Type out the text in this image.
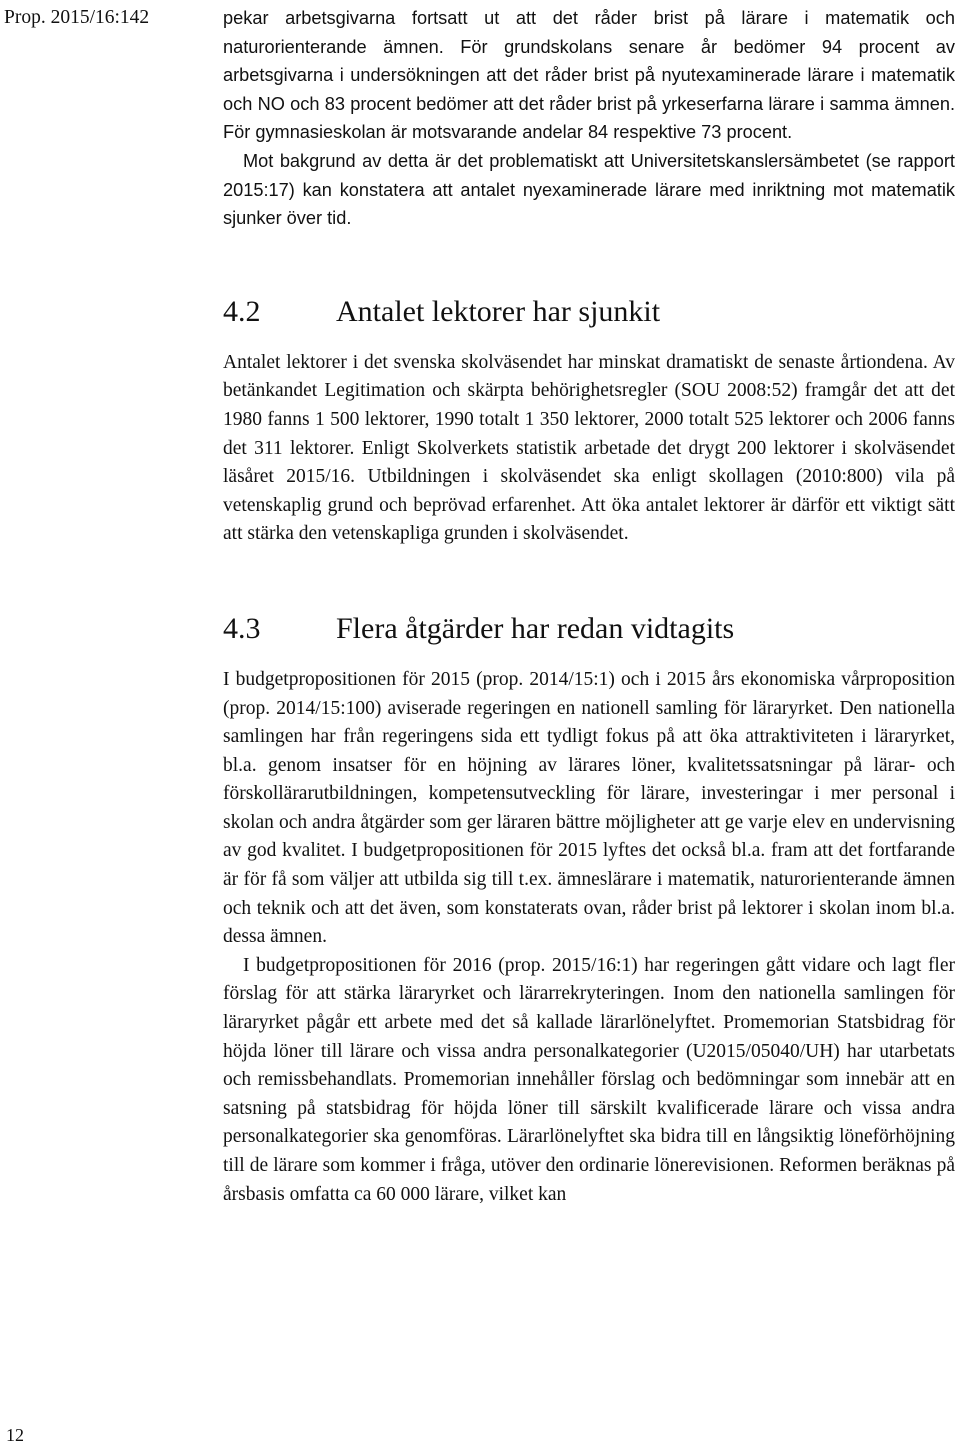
Prop. 2015/16:142	pekar arbetsgivarna fortsatt ut att det råder brist på lärare i matematik och naturorienterande ämnen. För grundskolans senare år bedömer 94 procent av arbetsgivarna i undersökningen att det råder brist på nyutexaminerade lärare i matematik och NO och 83 procent bedömer att det råder brist på yrkeserfarna lärare i samma ämnen. För gymnasieskolan är motsvarande andelar 84 respektive 73 procent.

Mot bakgrund av detta är det problematiskt att Universitetskanslersämbetet (se rapport 2015:17) kan konstatera att antalet nyexaminerade lärare med inriktning mot matematik sjunker över tid.

4.2	Antalet lektorer har sjunkit

Antalet lektorer i det svenska skolväsendet har minskat dramatiskt de senaste årtiondena. Av betänkandet Legitimation och skärpta behörighetsregler (SOU 2008:52) framgår det att det 1980 fanns 1 500 lektorer, 1990 totalt 1 350 lektorer, 2000 totalt 525 lektorer och 2006 fanns det 311 lektorer. Enligt Skolverkets statistik arbetade det drygt 200 lektorer i skolväsendet läsåret 2015/16. Utbildningen i skolväsendet ska enligt skollagen (2010:800) vila på vetenskaplig grund och beprövad erfarenhet. Att öka antalet lektorer är därför ett viktigt sätt att stärka den vetenskapliga grunden i skolväsendet.

4.3	Flera åtgärder har redan vidtagits

I budgetpropositionen för 2015 (prop. 2014/15:1) och i 2015 års ekonomiska vårproposition (prop. 2014/15:100) aviserade regeringen en nationell samling för läraryrket. Den nationella samlingen har från regeringens sida ett tydligt fokus på att öka attraktiviteten i läraryrket, bl.a. genom insatser för en höjning av lärares löner, kvalitetssatsningar på lärar- och förskollärarutbildningen, kompetensutveckling för lärare, investeringar i mer personal i skolan och andra åtgärder som ger läraren bättre möjligheter att ge varje elev en undervisning av god kvalitet. I budgetpropositionen för 2015 lyftes det också bl.a. fram att det fortfarande är för få som väljer att utbilda sig till t.ex. ämneslärare i matematik, naturorienterande ämnen och teknik och att det även, som konstaterats ovan, råder brist på lektorer i skolan inom bl.a. dessa ämnen.

I budgetpropositionen för 2016 (prop. 2015/16:1) har regeringen gått vidare och lagt fler förslag för att stärka läraryrket och lärarrekryteringen. Inom den nationella samlingen för läraryrket pågår ett arbete med det så kallade lärarlönelyftet. Promemorian Statsbidrag för höjda löner till lärare och vissa andra personalkategorier (U2015/05040/UH) har utarbetats och remissbehandlats. Promemorian innehåller förslag och bedömningar som innebär att en satsning på statsbidrag för höjda löner till särskilt kvalificerade lärare och vissa andra personalkategorier ska genomföras. Lärarlönelyftet ska bidra till en långsiktig löneförhöjning till de lärare som kommer i fråga, utöver den ordinarie lönerevisionen. Reformen beräknas på årsbasis omfatta ca 60 000 lärare, vilket kan

12
